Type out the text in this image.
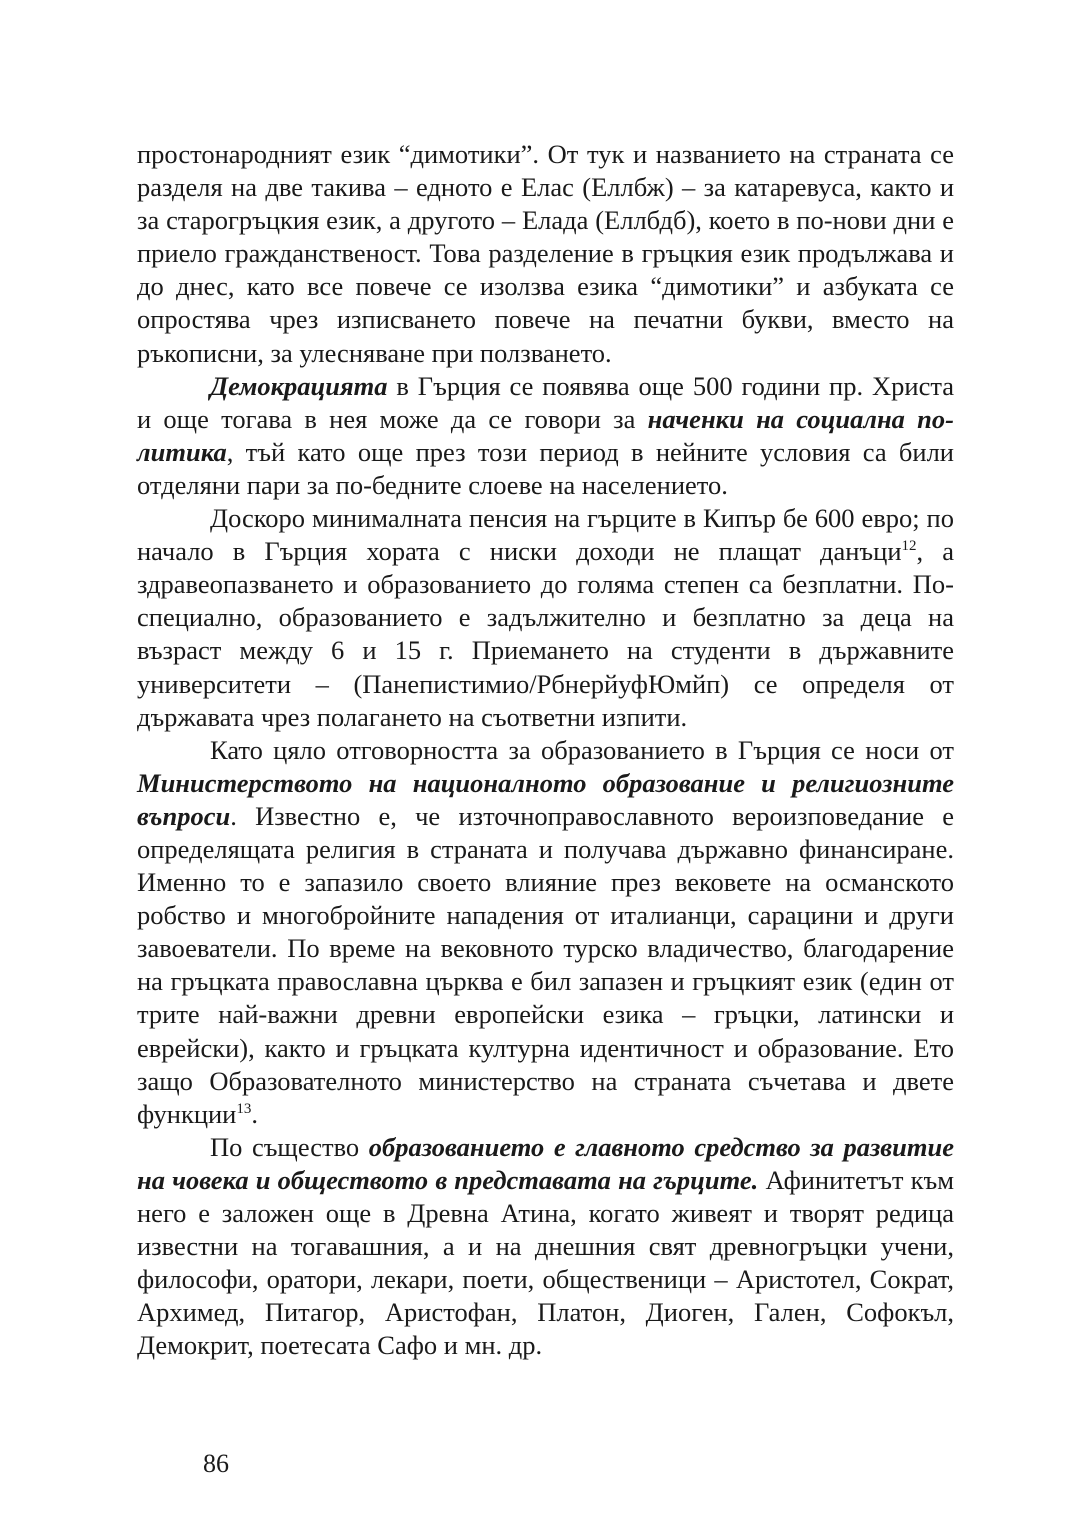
простонародният език “димотики”. От тук и названието на страната се разделя на две такива – едното е Елас (Еллбж) – за катаревуса, както и за старогръцкия език, а другото – Елада (Еллбдб), което в по-нови дни е приело гражданственост. Това разделение в гръцкия език продължава и до днес, като все повече се изолзва езика “димотики” и азбуката се опростява чрез изписването повече на печатни букви, вместо на ръкописни, за улесняване при ползването.

Демокрацията в Гърция се появява още 500 години пр. Христа и още тогава в нея може да се говори за наченки на социална политика, тъй като още през този период в нейните условия са били отделяни пари за по-бедните слоеве на населението.

Доскоро минималната пенсия на гърците в Кипър бе 600 евро; по начало в Гърция хората с ниски доходи не плащат данъци$^{12}$, а здравеопазването и образованието до голяма степен са безплатни. По-специално, образованието е задължително и безплатно за деца на възраст между 6 и 15 г. Приемането на студенти в държавните университети – (Панепистимио/РбнерйуфЮмйп) се определя от държавата чрез полагането на съответни изпити.

Като цяло отговорността за образованието в Гърция се носи от Министерството на националното образование и религиозните въпроси. Известно е, че източноправославното вероизповедание е определящата религия в страната и получава държавно финансиране. Именно то е запазило своето влияние през вековете на османското робство и многобройните нападения от италианци, сарацини и други завоеватели. По време на вековното турско владичество, благодарение на гръцката православна църква е бил запазен и гръцкият език (един от трите най-важни древни европейски езика – гръцки, латински и еврейски), както и гръцката културна идентичност и образование. Ето защо Образователното министерство на страната съчетава и двете функции$^{13}$.

По същество образованието е главното средство за развитие на човека и обществото в представата на гърците. Афинитетът към него е заложен още в Древна Атина, когато живеят и творят редица известни на тогавашния, а и на днешния свят древногръцки учени, философи, оратори, лекари, поети, общественици – Аристотел, Сократ, Архимед, Питагор, Аристофан, Платон, Диоген, Гален, Софокъл, Демокрит, поетесата Сафо и мн. др.

86
